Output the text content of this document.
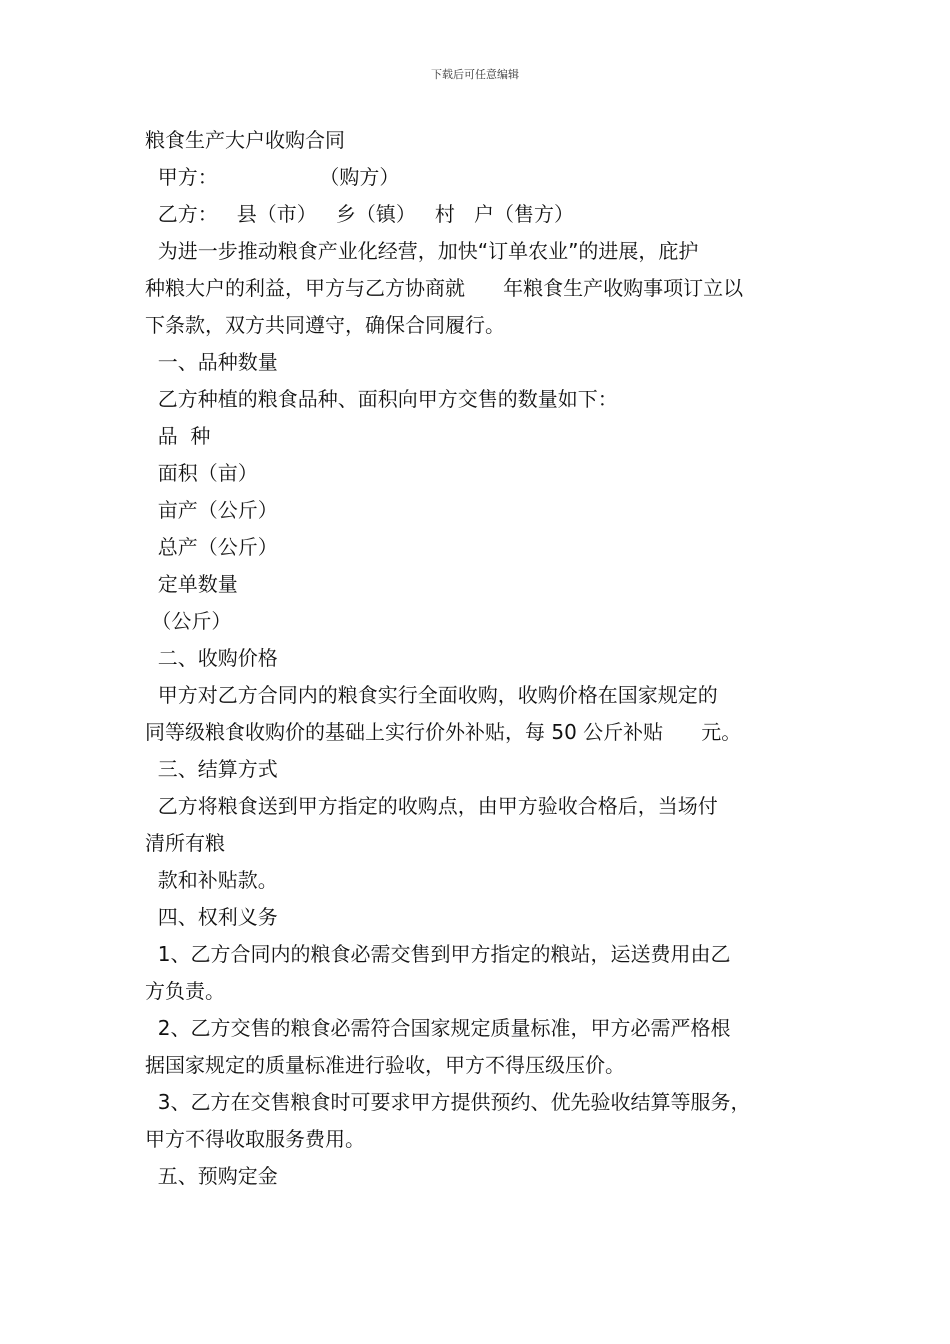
下载后可任意编辑
粮食生产大户收购合同
甲方：                （购方）
乙方：   县（市）   乡（镇）   村   户（售方）
为进一步推动粮食产业化经营，加快“订单农业”的进展，庇护
种粮大户的利益，甲方与乙方协商就      年粮食生产收购事项订立以
下条款，双方共同遵守，确保合同履行。
一、品种数量
乙方种植的粮食品种、面积向甲方交售的数量如下：
品  种
面积（亩）
亩产（公斤）
总产（公斤）
定单数量
（公斤）
二、收购价格
甲方对乙方合同内的粮食实行全面收购，收购价格在国家规定的
同等级粮食收购价的基础上实行价外补贴，每 50 公斤补贴      元。
三、结算方式
乙方将粮食送到甲方指定的收购点，由甲方验收合格后，当场付
清所有粮
款和补贴款。
四、权利义务
1、乙方合同内的粮食必需交售到甲方指定的粮站，运送费用由乙
方负责。
2、乙方交售的粮食必需符合国家规定质量标准，甲方必需严格根
据国家规定的质量标准进行验收，甲方不得压级压价。
3、乙方在交售粮食时可要求甲方提供预约、优先验收结算等服务，
甲方不得收取服务费用。
五、预购定金
